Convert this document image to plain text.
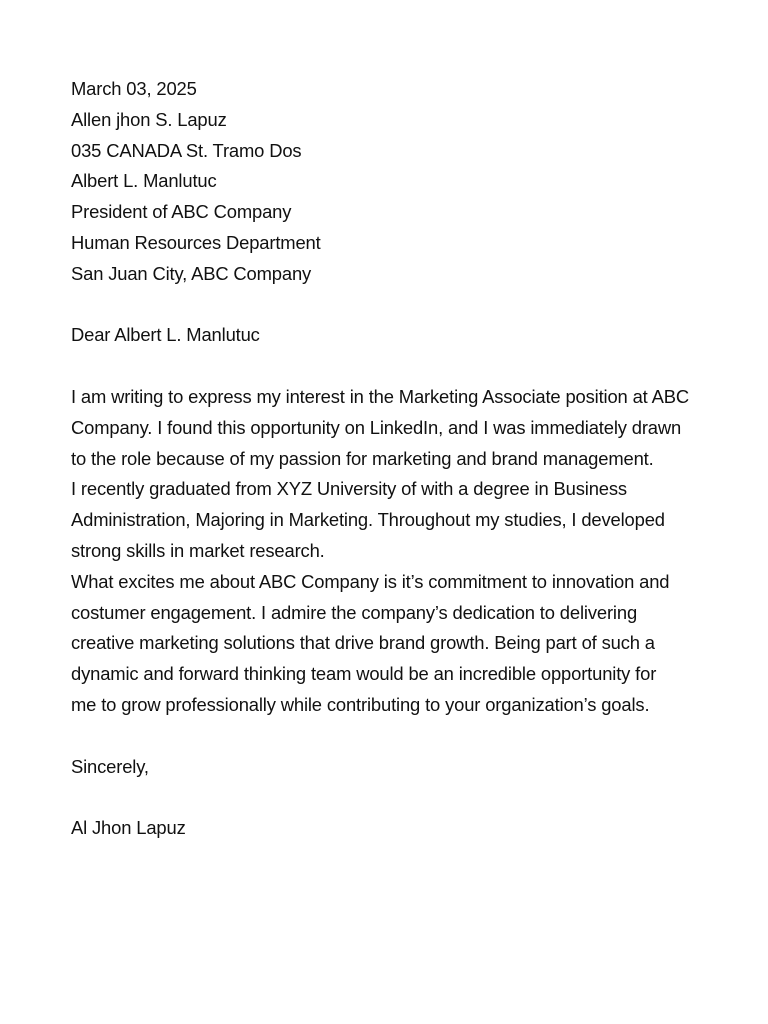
March 03, 2025
Allen jhon S. Lapuz
035 CANADA St. Tramo Dos
Albert L. Manlutuc
President of ABC Company
Human Resources Department
San Juan City, ABC Company
Dear Albert L. Manlutuc
I am writing to express my interest in the Marketing Associate position at ABC
Company. I found this opportunity on LinkedIn, and I was immediately drawn
to the role because of my passion for marketing and brand management.
I recently graduated from XYZ University of with a degree in Business
Administration, Majoring in Marketing. Throughout my studies, I developed
strong skills in market research.
What excites me about ABC Company is it’s commitment to innovation and
costumer engagement. I admire the company’s dedication to delivering
creative marketing solutions that drive brand growth. Being part of such a
dynamic and forward thinking team would be an incredible opportunity for
me to grow professionally while contributing to your organization’s goals.
Sincerely,
Al Jhon Lapuz
